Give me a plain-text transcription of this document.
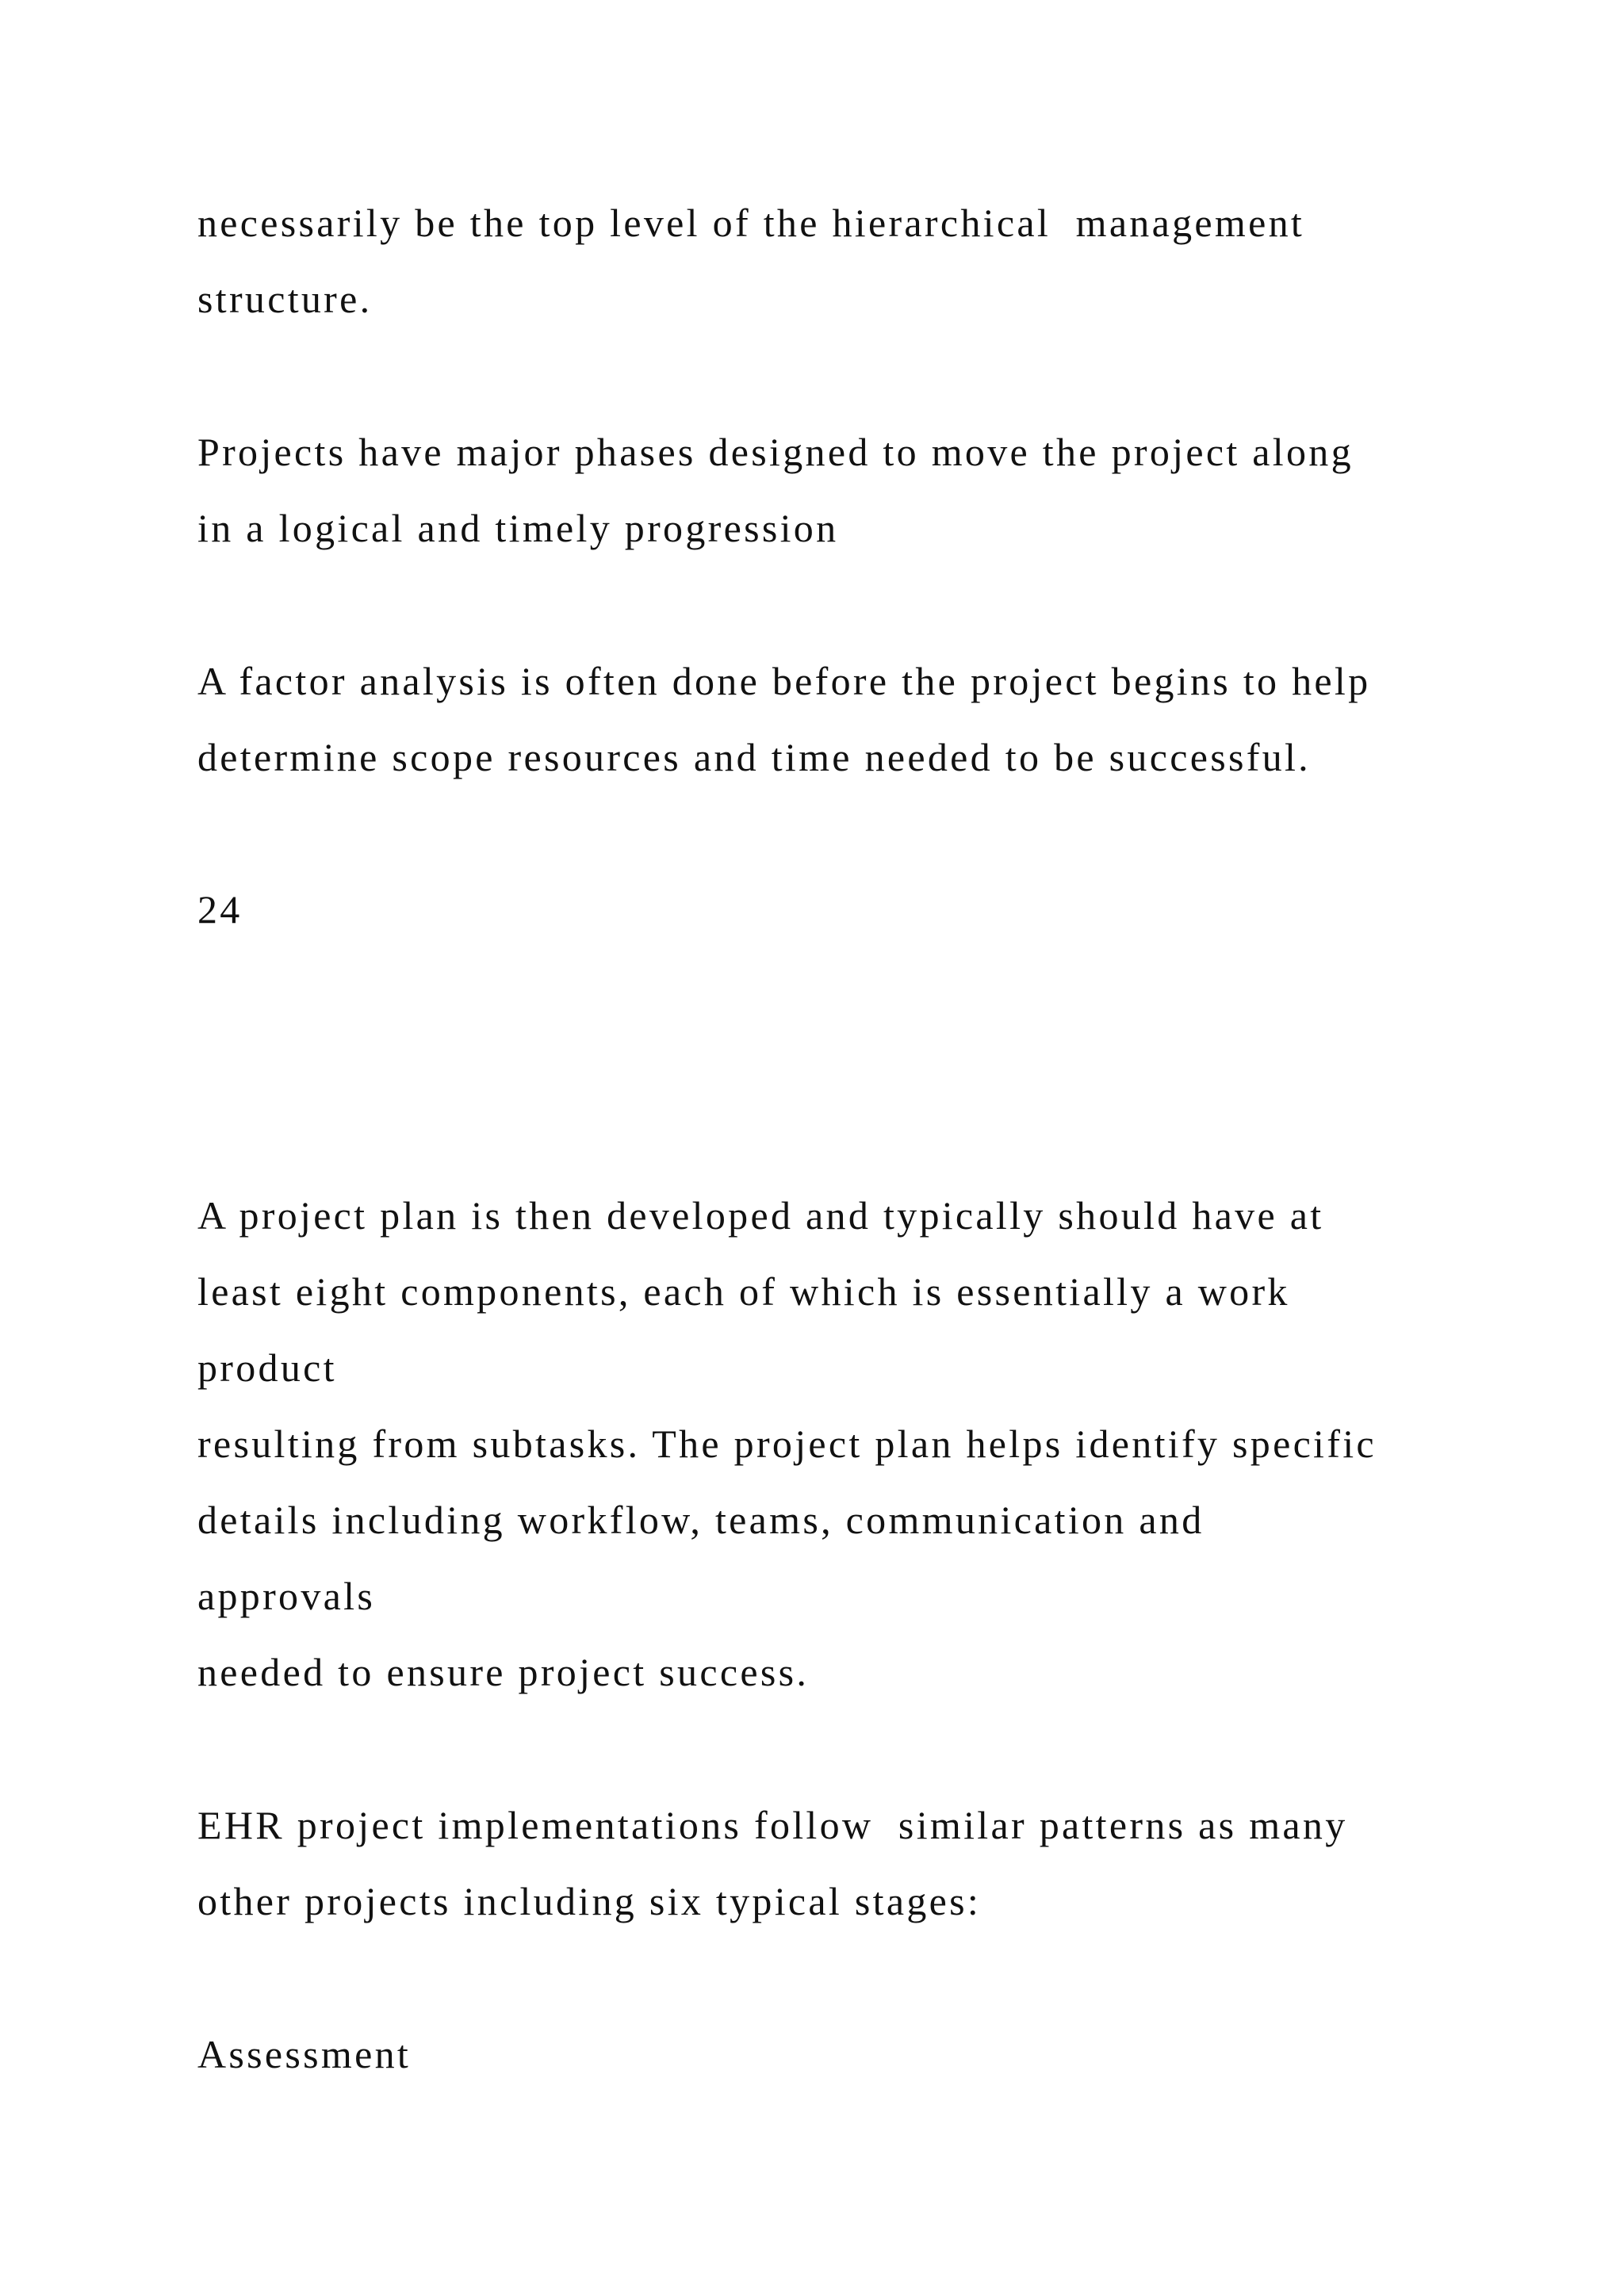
necessarily be the top level of the hierarchical  management

structure.

Projects have major phases designed to move the project along

in a logical and timely progression

A factor analysis is often done before the project begins to help

determine scope resources and time needed to be successful.

24

A project plan is then developed and typically should have at

least eight components, each of which is essentially a work

product

resulting from subtasks. The project plan helps identify specific

details including workflow, teams, communication and

approvals

needed to ensure project success.

EHR project implementations follow  similar patterns as many

other projects including six typical stages:

Assessment
